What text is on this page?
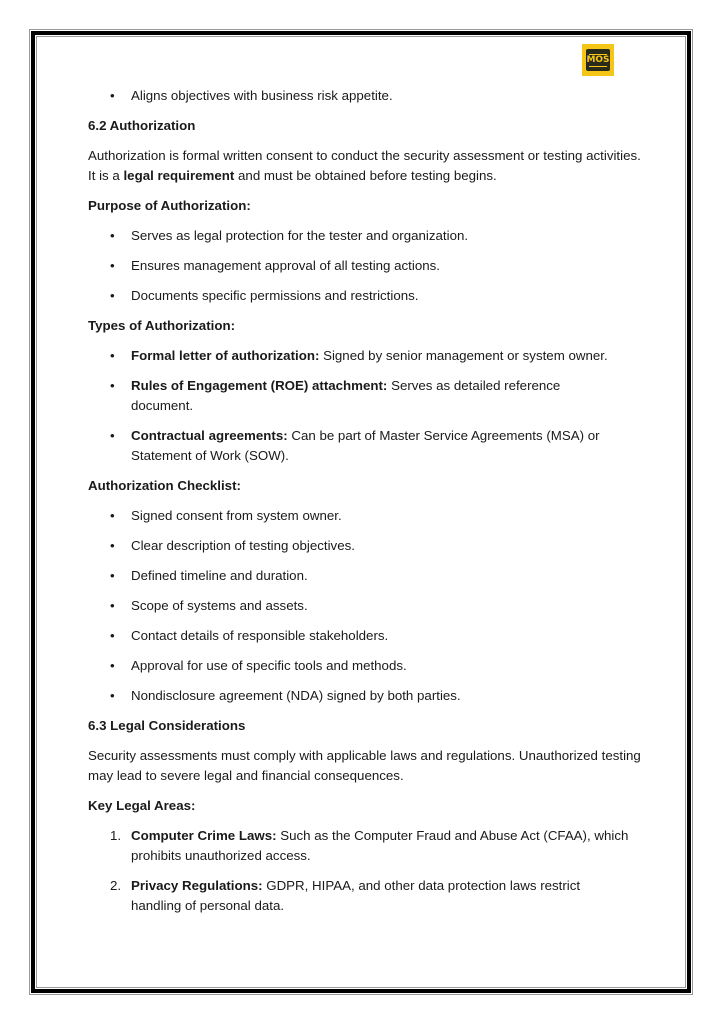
MOS
• Aligns objectives with business risk appetite.
6.2 Authorization
Authorization is formal written consent to conduct the security assessment or testing activities. It is a legal requirement and must be obtained before testing begins.
Purpose of Authorization:
• Serves as legal protection for the tester and organization.
• Ensures management approval of all testing actions.
• Documents specific permissions and restrictions.
Types of Authorization:
• Formal letter of authorization: Signed by senior management or system owner.
• Rules of Engagement (ROE) attachment: Serves as detailed reference document.
• Contractual agreements: Can be part of Master Service Agreements (MSA) or Statement of Work (SOW).
Authorization Checklist:
• Signed consent from system owner.
• Clear description of testing objectives.
• Defined timeline and duration.
• Scope of systems and assets.
• Contact details of responsible stakeholders.
• Approval for use of specific tools and methods.
• Nondisclosure agreement (NDA) signed by both parties.
6.3 Legal Considerations
Security assessments must comply with applicable laws and regulations. Unauthorized testing may lead to severe legal and financial consequences.
Key Legal Areas:
1. Computer Crime Laws: Such as the Computer Fraud and Abuse Act (CFAA), which prohibits unauthorized access.
2. Privacy Regulations: GDPR, HIPAA, and other data protection laws restrict handling of personal data.
